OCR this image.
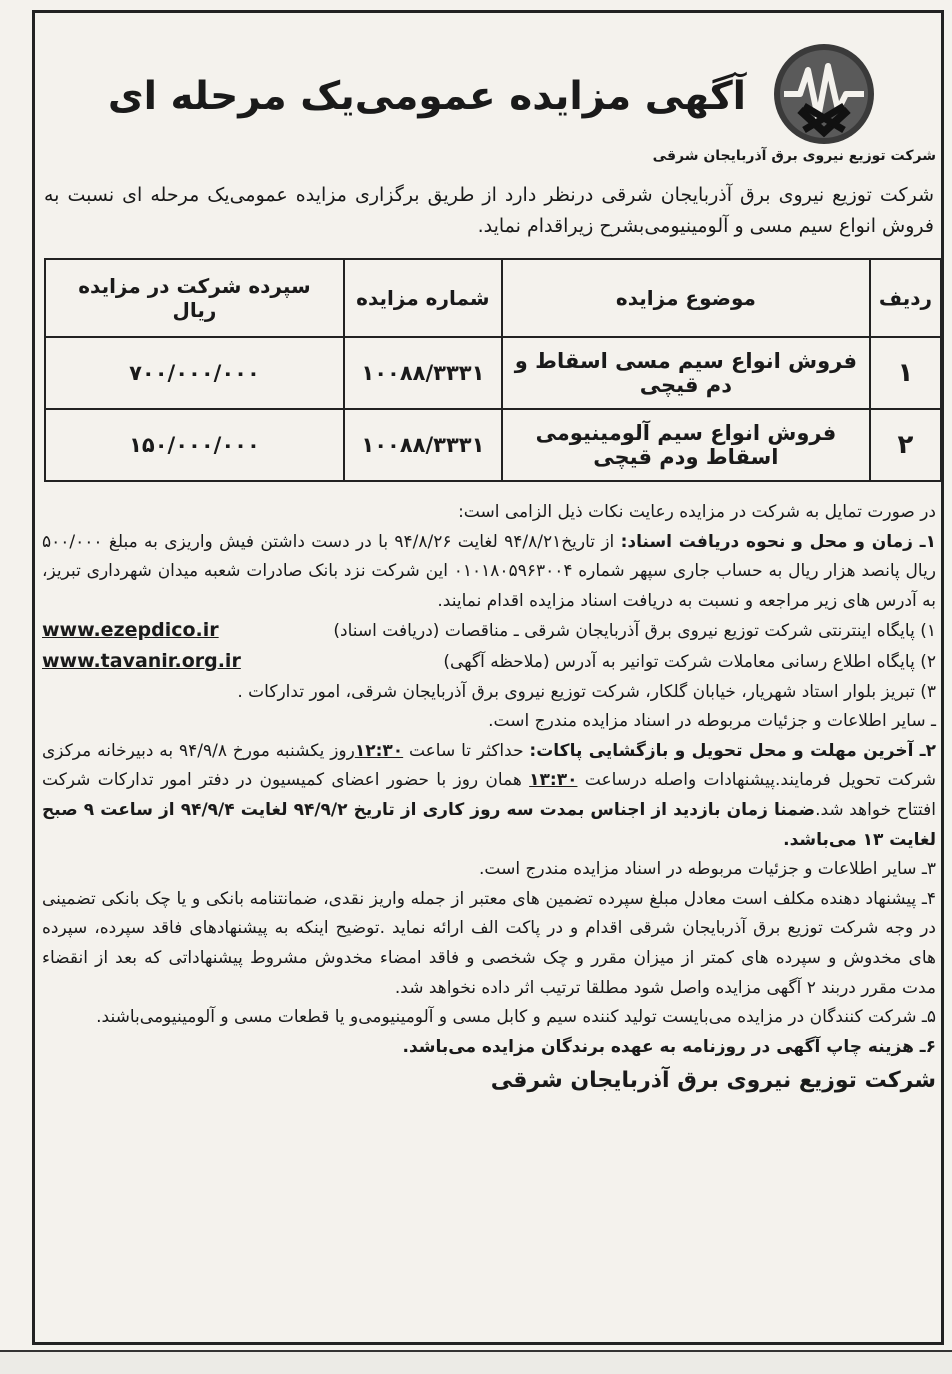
آگهی مزایده عمومی‌یک مرحله ای
شرکت توزیع نیروی برق آذربایجان شرقی
شرکت توزیع نیروی برق آذربایجان شرقی درنظر دارد از طریق برگزاری مزایده عمومی‌یک مرحله ای نسبت به فروش انواع سیم مسی و آلومینیومی‌بشرح زیراقدام نماید.
ردیف	موضوع مزایده	شماره مزایده	سپرده شرکت در مزایده ریال
۱	فروش انواع سیم مسی اسقاط و دم قیچی	۱۰۰۸۸/۳۳۳۱	۷۰۰/۰۰۰/۰۰۰
۲	فروش انواع سیم آلومینیومی اسقاط ودم قیچی	۱۰۰۸۸/۳۳۳۱	۱۵۰/۰۰۰/۰۰۰

در صورت تمایل به شرکت در مزایده رعایت نکات ذیل الزامی است:

۱ـ زمان و محل و نحوه دریافت اسناد: از تاریخ۹۴/۸/۲۱ لغایت ۹۴/۸/۲۶ با در دست داشتن فیش واریزی به مبلغ ۵۰۰/۰۰۰ ریال پانصد هزار ریال به حساب جاری سپهر شماره ۰۱۰۱۸۰۵۹۶۳۰۰۴ این شرکت نزد بانک صادرات شعبه میدان شهرداری تبریز، به آدرس های زیر مراجعه و نسبت به دریافت اسناد مزایده اقدام نمایند.

۱) پایگاه اینترنتی شرکت توزیع نیروی برق آذربایجان شرقی ـ مناقصات (دریافت اسناد)
www.ezepdico.ir

۲) پایگاه اطلاع رسانی معاملات شرکت توانیر به آدرس (ملاحظه آگهی)
www.tavanir.org.ir

۳) تبریز بلوار استاد شهریار، خیابان گلکار، شرکت توزیع نیروی برق آذربایجان شرقی، امور تدارکات .

ـ سایر اطلاعات و جزئیات مربوطه در اسناد مزایده مندرج است.

۲ـ آخرین مهلت و محل تحویل و بازگشایی پاکات: حداکثر تا ساعت ۱۲:۳۰روز یکشنبه مورخ ۹۴/۹/۸ به دبیرخانه مرکزی شرکت تحویل فرمایند.پیشنهادات واصله درساعت ۱۳:۳۰ همان روز با حضور اعضای کمیسیون در دفتر امور تدارکات شرکت افتتاح خواهد شد.ضمنا زمان بازدید از اجناس بمدت سه روز کاری از تاریخ ۹۴/۹/۲ لغایت ۹۴/۹/۴ از ساعت ۹ صبح لغایت ۱۳ می‌باشد.

۳ـ سایر اطلاعات و جزئیات مربوطه در اسناد مزایده مندرج است.

۴ـ پیشنهاد دهنده مکلف است معادل مبلغ سپرده تضمین های معتبر از جمله واریز نقدی، ضمانتنامه بانکی و یا چک بانکی تضمینی در وجه شرکت توزیع برق آذربایجان شرقی اقدام و در پاکت الف ارائه نماید .توضیح اینکه به پیشنهادهای فاقد سپرده، سپرده های مخدوش و سپرده های کمتر از میزان مقرر و چک شخصی و فاقد امضاء مخدوش مشروط پیشنهاداتی که بعد از انقضاء مدت مقرر دربند ۲ آگهی مزایده واصل شود مطلقا ترتیب اثر داده نخواهد شد.

۵ـ شرکت کنندگان در مزایده می‌بایست تولید کننده سیم و کابل مسی و آلومینیومی‌و یا قطعات مسی و آلومینیومی‌باشند.

۶ـ هزینه چاپ آگهی در روزنامه به عهده برندگان مزایده می‌باشد.

شرکت توزیع نیروی برق آذربایجان شرقی
